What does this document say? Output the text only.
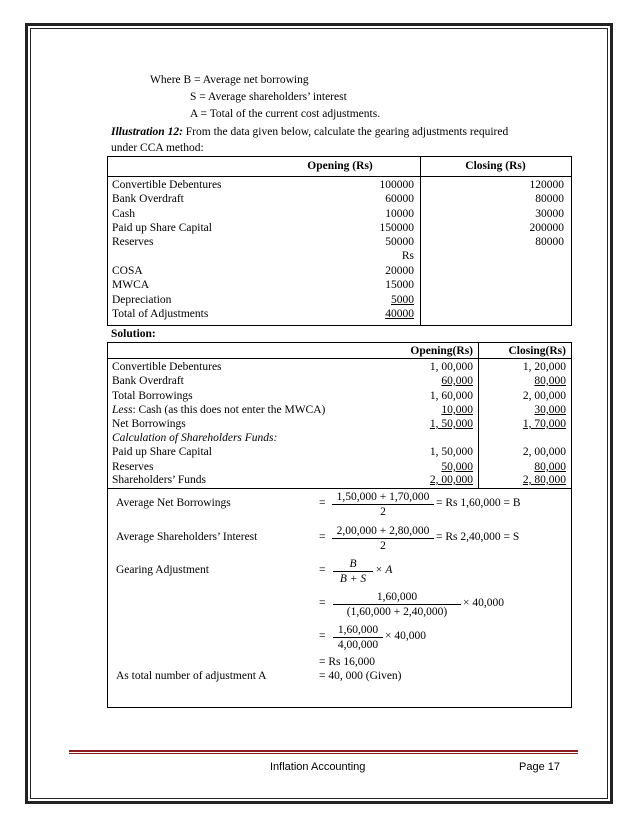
Where B = Average net borrowing
S = Average shareholders’ interest
A = Total of the current cost adjustments.
Illustration 12: From the data given below, calculate the gearing adjustments required
under CCA method:
Opening (Rs)	Closing (Rs)
Convertible Debentures	100000	120000
Bank Overdraft	60000	80000
Cash	10000	30000
Paid up Share Capital	150000	200000
Reserves	50000	80000
Rs
COSA	20000
MWCA	15000
Depreciation	5000
Total of Adjustments	40000
Solution:
Opening(Rs)	Closing(Rs)
Convertible Debentures	1, 00,000	1, 20,000
Bank Overdraft	60,000	80,000
Total Borrowings	1, 60,000	2, 00,000
Less: Cash (as this does not enter the MWCA)	10,000	30,000
Net Borrowings	1, 50,000	1, 70,000
Calculation of Shareholders Funds:
Paid up Share Capital	1, 50,000	2, 00,000
Reserves	50,000	80,000
Shareholders’ Funds	2, 00,000	2, 80,000
Average Net Borrowings	= $\frac{1,50,000 + 1,70,000}{2} = Rs$ 1,60,000 = B
Average Shareholders’ Interest	= $\frac{2,00,000 + 2,80,000}{2} = Rs$ 2,40,000 = S
Gearing Adjustment	= $\frac{B}{B + S} \times A$
= $\frac{1,60,000}{(1,60,000 + 2,40,000)} \times 40,000$
= $\frac{1,60,000}{4,00,000} \times 40,000$
= Rs 16,000
As total number of adjustment A	= 40, 000 (Given)
Inflation Accounting	Page 17
